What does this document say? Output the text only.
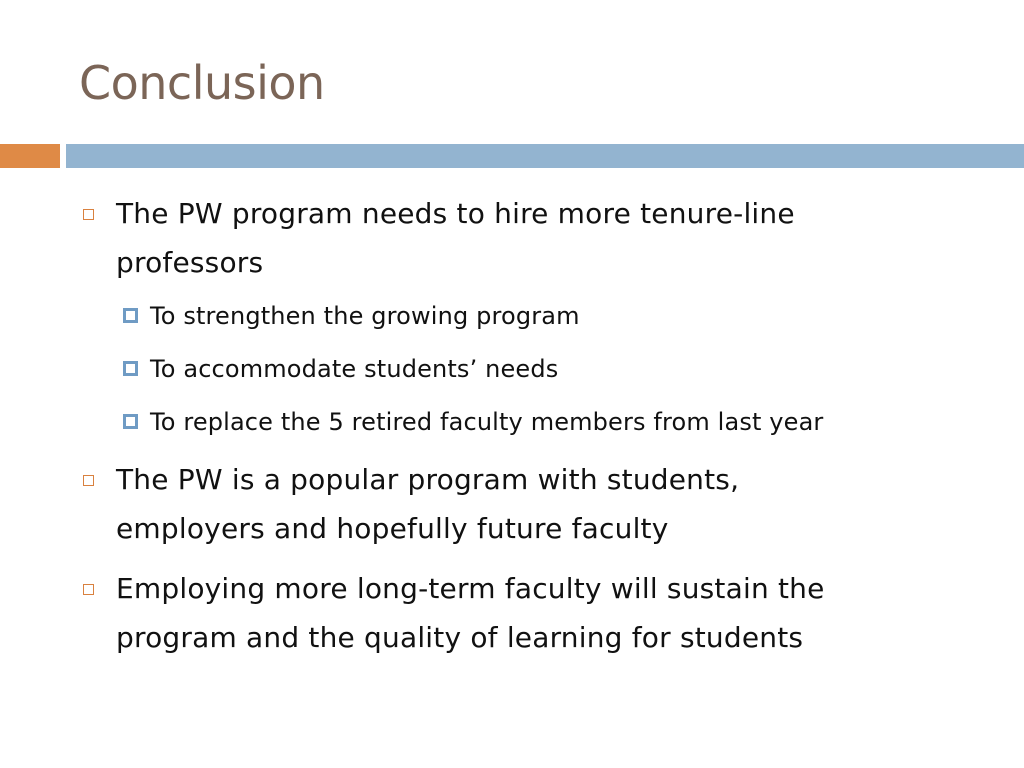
Conclusion
The PW program needs to hire more tenure-line
professors
To strengthen the growing program
To accommodate students’ needs
To replace the 5 retired faculty members from last year
The PW is a popular program with students,
employers and hopefully future faculty
Employing more long-term faculty will sustain the
program and the quality of learning for students
